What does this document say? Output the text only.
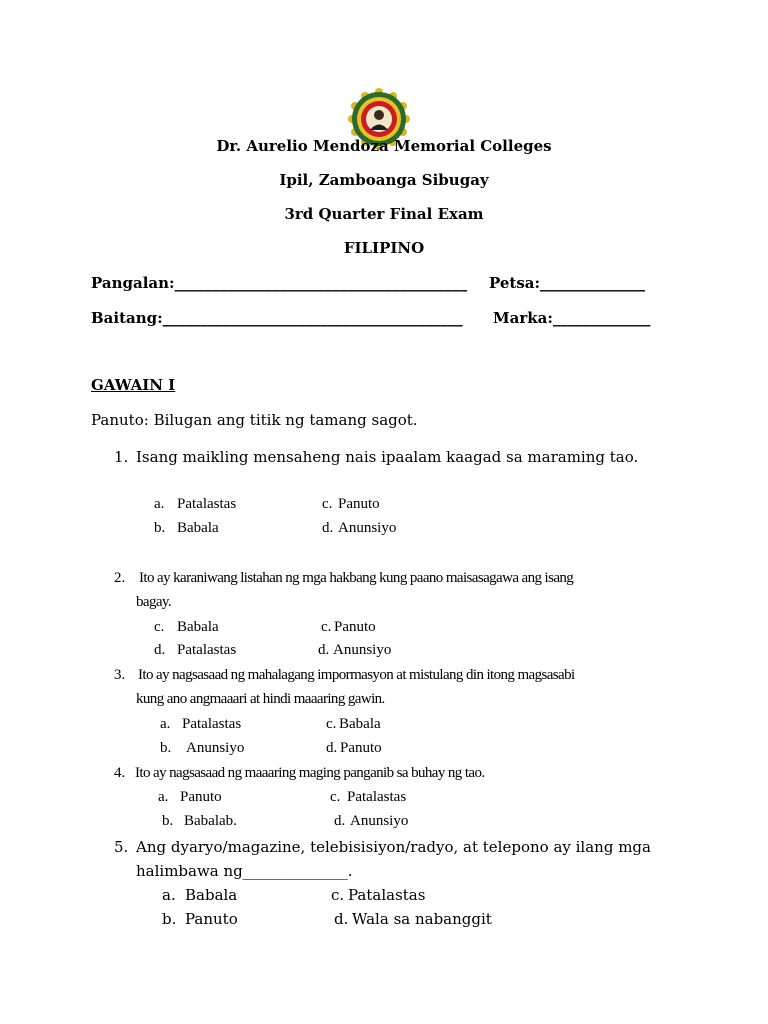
Dr. Aurelio Mendoza Memorial Colleges
Ipil, Zamboanga Sibugay
3rd Quarter Final Exam
FILIPINO
Pangalan:_______________________________________ Petsa:______________
Baitang:________________________________________ Marka:_____________
GAWAIN I
Panuto: Bilugan ang titik ng tamang sagot.
1. Isang maikling mensaheng nais ipaalam kaagad sa maraming tao.
a. Patalastas	c. Panuto
b. Babala	d. Anunsiyo
2. Ito ay karaniwang listahan ng mga hakbang kung paano maisasagawa ang isang
bagay.
c. Babala	c. Panuto
d. Patalastas	d. Anunsiyo
3. Ito ay nagsasaad ng mahalagang impormasyon at mistulang din itong magsasabi
kung ano angmaaari at hindi maaaring gawin.
a. Patalastas	c. Babala
b. Anunsiyo	d. Panuto
4. Ito ay nagsasaad ng maaaring maging panganib sa buhay ng tao.
a. Panuto	c. Patalastas
b. Babalab.	d. Anunsiyo
5. Ang dyaryo/magazine, telebisisiyon/radyo, at telepono ay ilang mga
halimbawa ng______________.
a. Babala	c. Patalastas
b. Panuto	d. Wala sa nabanggit
